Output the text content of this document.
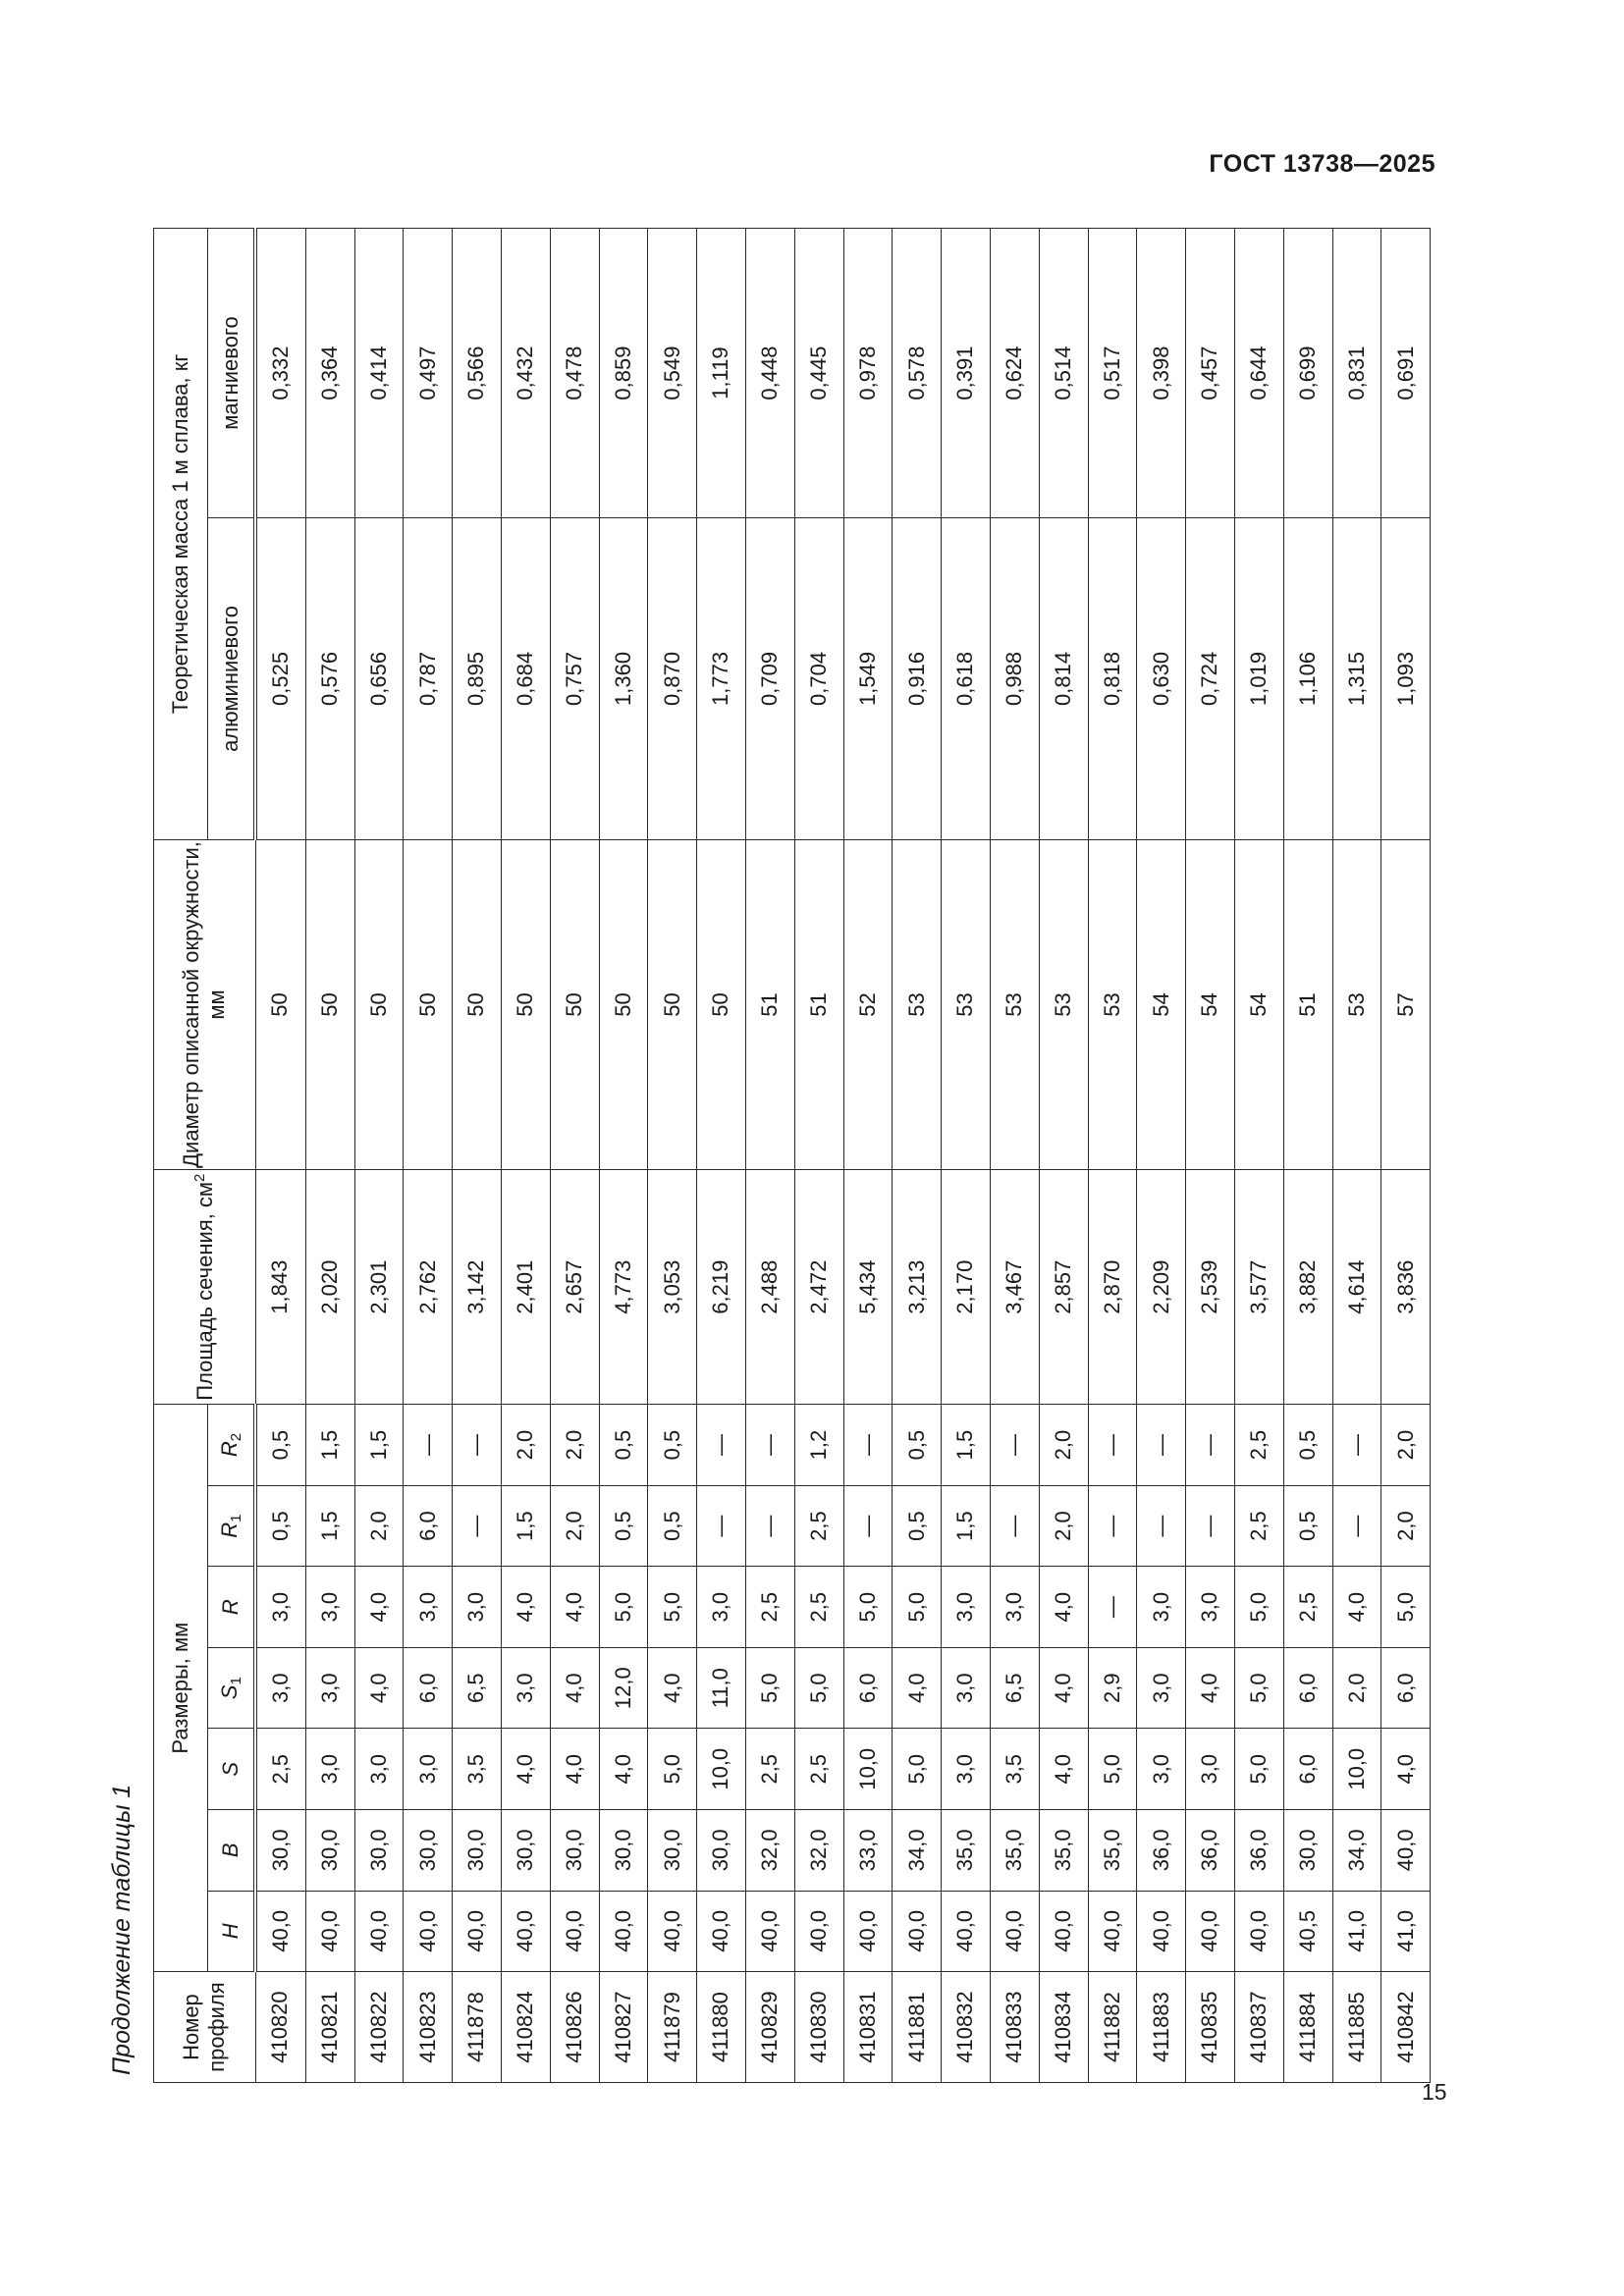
ГОСТ 13738—2025
Продолжение таблицы 1 Номер профиля	Размеры, мм							Площадь сечения, $см^2$	Диаметр описанной окружности, мм	Теоретическая масса 1 м сплава, кг	
	H	B	S	$S_1$	R	$R_1$	$R_2$			алюминиевого	магниевого
410820	40,0	30,0	2,5	3,0	3,0	0,5	0,5	1,843	50	0,525	0,332
410821	40,0	30,0	3,0	3,0	3,0	1,5	1,5	2,020	50	0,576	0,364
410822	40,0	30,0	3,0	4,0	4,0	2,0	1,5	2,301	50	0,656	0,414
410823	40,0	30,0	3,0	6,0	3,0	6,0	—	2,762	50	0,787	0,497
411878	40,0	30,0	3,5	6,5	3,0	—	—	3,142	50	0,895	0,566
410824	40,0	30,0	4,0	3,0	4,0	1,5	2,0	2,401	50	0,684	0,432
410826	40,0	30,0	4,0	4,0	4,0	2,0	2,0	2,657	50	0,757	0,478
410827	40,0	30,0	4,0	12,0	5,0	0,5	0,5	4,773	50	1,360	0,859
411879	40,0	30,0	5,0	4,0	5,0	0,5	0,5	3,053	50	0,870	0,549
411880	40,0	30,0	10,0	11,0	3,0	—	—	6,219	50	1,773	1,119
410829	40,0	32,0	2,5	5,0	2,5	—	—	2,488	51	0,709	0,448
410830	40,0	32,0	2,5	5,0	2,5	2,5	1,2	2,472	51	0,704	0,445
410831	40,0	33,0	10,0	6,0	5,0	—	—	5,434	52	1,549	0,978
411881	40,0	34,0	5,0	4,0	5,0	0,5	0,5	3,213	53	0,916	0,578
410832	40,0	35,0	3,0	3,0	3,0	1,5	1,5	2,170	53	0,618	0,391
410833	40,0	35,0	3,5	6,5	3,0	—	—	3,467	53	0,988	0,624
410834	40,0	35,0	4,0	4,0	4,0	2,0	2,0	2,857	53	0,814	0,514
411882	40,0	35,0	5,0	2,9	—	—	—	2,870	53	0,818	0,517
411883	40,0	36,0	3,0	3,0	3,0	—	—	2,209	54	0,630	0,398
410835	40,0	36,0	3,0	4,0	3,0	—	—	2,539	54	0,724	0,457
410837	40,0	36,0	5,0	5,0	5,0	2,5	2,5	3,577	54	1,019	0,644
411884	40,5	30,0	6,0	6,0	2,5	0,5	0,5	3,882	51	1,106	0,699
411885	41,0	34,0	10,0	2,0	4,0	—	—	4,614	53	1,315	0,831
410842	41,0	40,0	4,0	6,0	5,0	2,0	2,0	3,836	57	1,093	0,691
15
